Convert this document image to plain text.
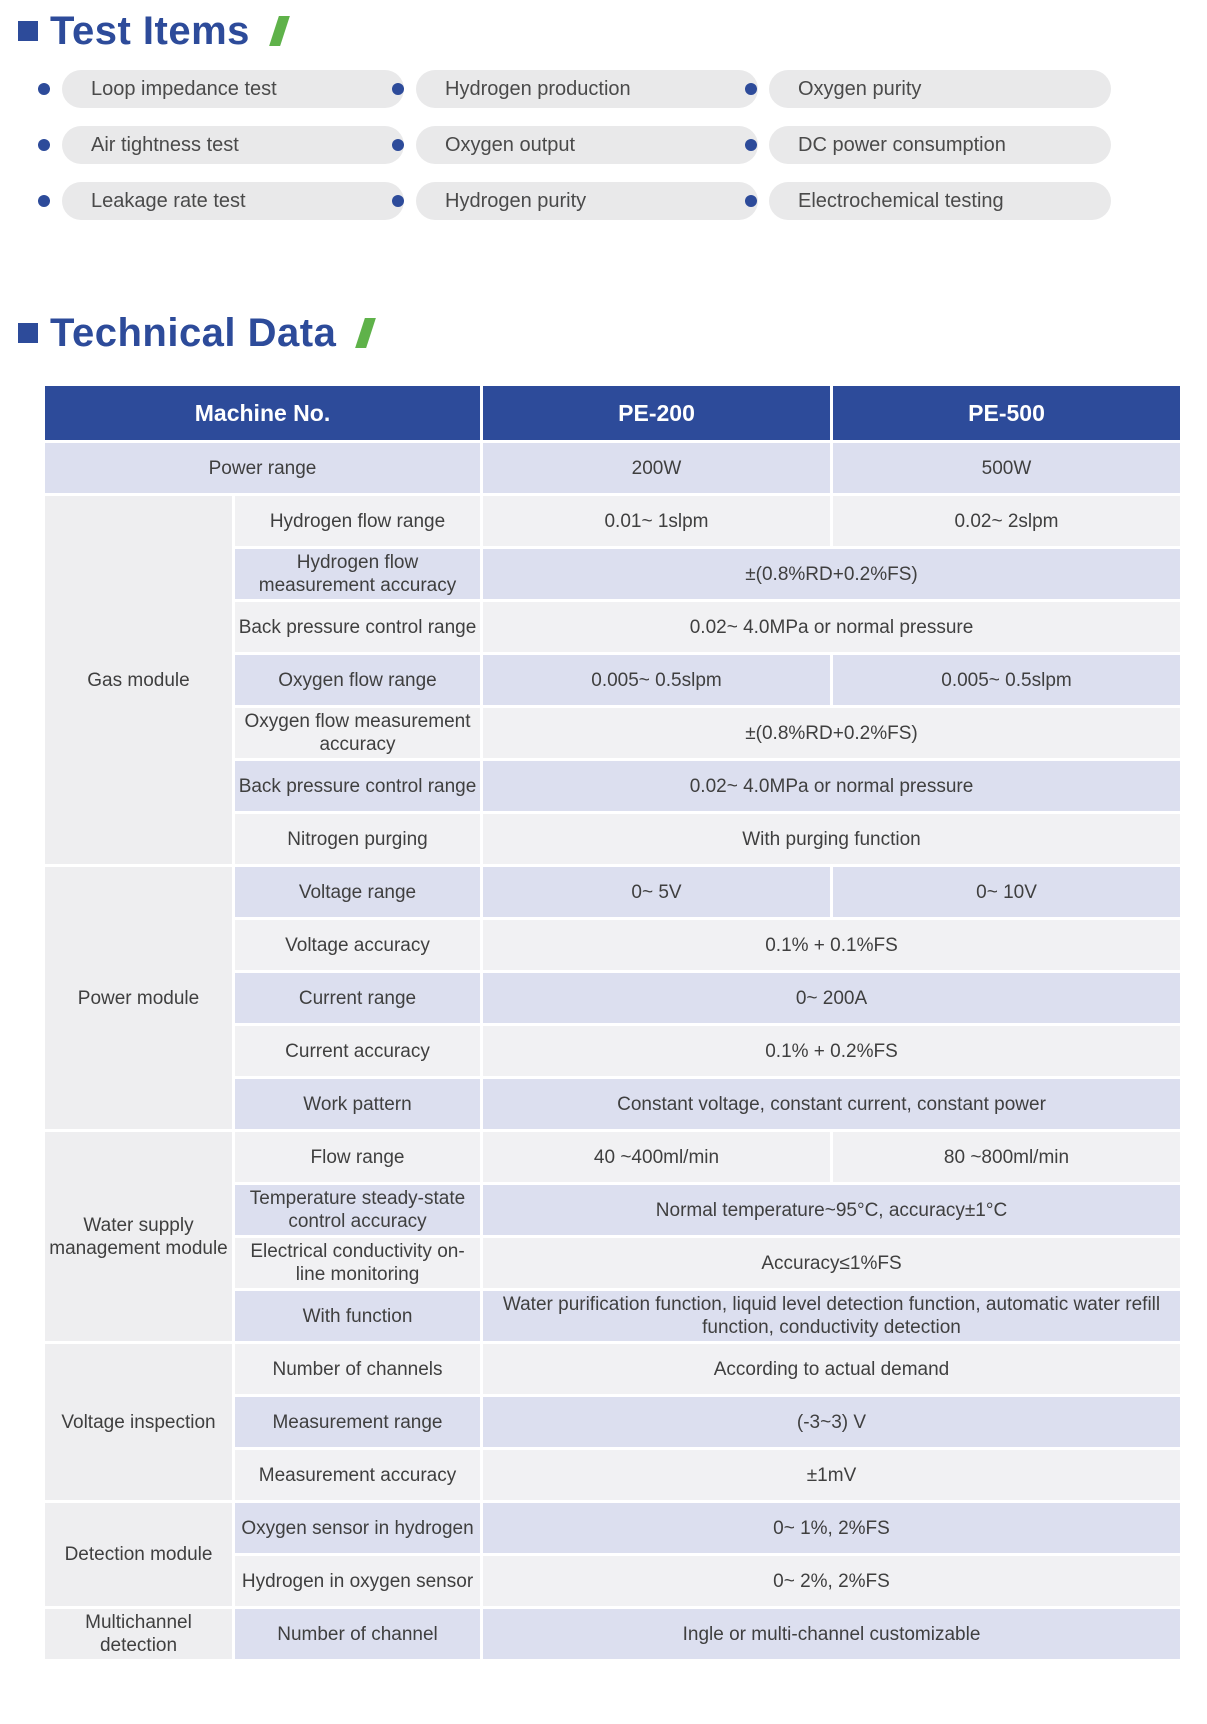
Test Items
Loop impedance test	Hydrogen production	Oxygen purity
Air tightness test	Oxygen output	DC power consumption
Leakage rate test	Hydrogen purity	Electrochemical testing
Technical Data
Machine No.		PE-200	PE-500
Power range		200W	500W
Gas module	Hydrogen flow range	0.01~ 1slpm	0.02~ 2slpm
	Hydrogen flow measurement accuracy	±(0.8%RD+0.2%FS)	
	Back pressure control range	0.02~ 4.0MPa or normal pressure	
	Oxygen flow range	0.005~ 0.5slpm	0.005~ 0.5slpm
	Oxygen flow measurement accuracy	±(0.8%RD+0.2%FS)	
	Back pressure control range	0.02~ 4.0MPa or normal pressure	
	Nitrogen purging	With purging function	
Power module	Voltage range	0~ 5V	0~ 10V
	Voltage accuracy	0.1% + 0.1%FS	
	Current range	0~ 200A	
	Current accuracy	0.1% + 0.2%FS	
	Work pattern	Constant voltage, constant current, constant power	
Water supply management module	Flow range	40 ~400ml/min	80 ~800ml/min
	Temperature steady-state control accuracy	Normal temperature~95°C, accuracy±1°C	
	Electrical conductivity on-line monitoring	Accuracy≤1%FS	
	With function	Water purification function, liquid level detection function, automatic water refill function, conductivity detection	
Voltage inspection	Number of channels	According to actual demand	
	Measurement range	(-3~3) V	
	Measurement accuracy	±1mV	
Detection module	Oxygen sensor in hydrogen	0~ 1%, 2%FS	
	Hydrogen in oxygen sensor	0~ 2%, 2%FS	
Multichannel detection	Number of channel	Ingle or multi-channel customizable	
